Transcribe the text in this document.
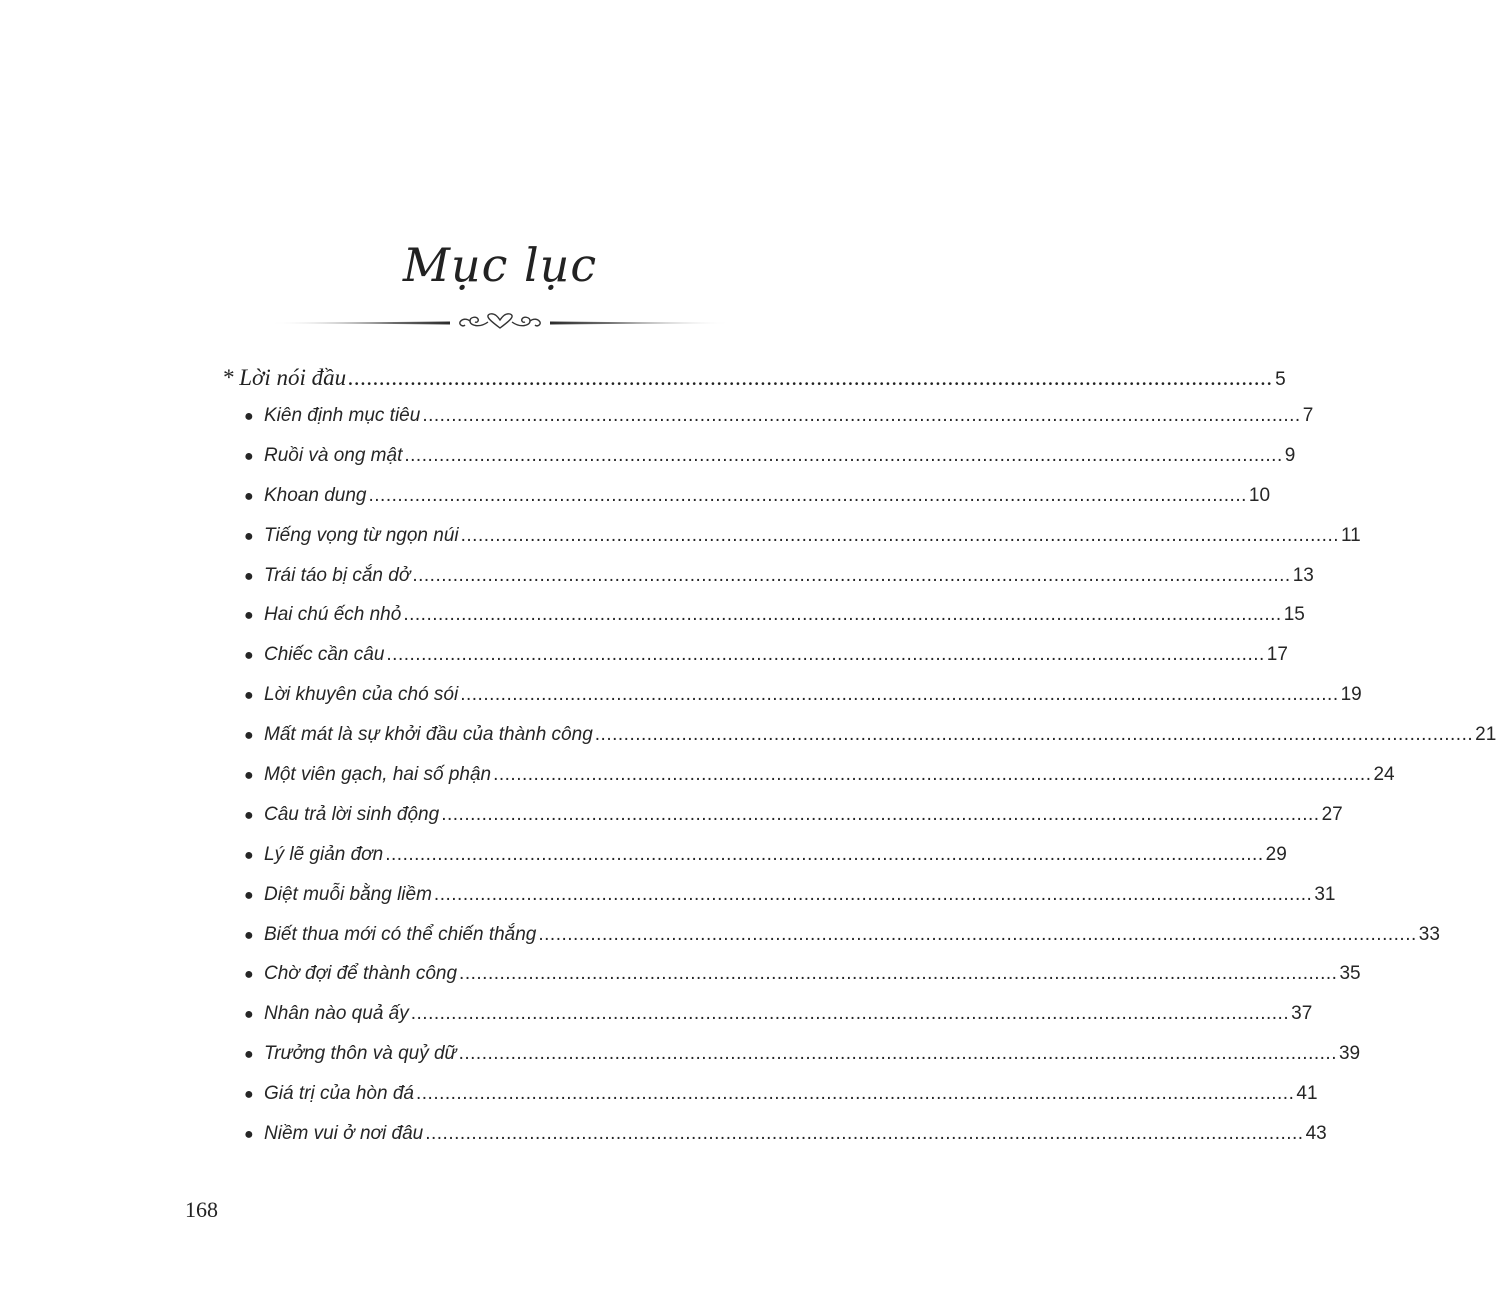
Mục lục
* Lời nói đầu .................................................................................................................................................... 5
● Kiên định mục tiêu ........................................................................................................................................................ 7
● Ruồi và ong mật ........................................................................................................................................................ 9
● Khoan dung ........................................................................................................................................................ 10
● Tiếng vọng từ ngọn núi ........................................................................................................................................................ 11
● Trái táo bị cắn dở ........................................................................................................................................................ 13
● Hai chú ếch nhỏ ........................................................................................................................................................ 15
● Chiếc cần câu ........................................................................................................................................................ 17
● Lời khuyên của chó sói ........................................................................................................................................................ 19
● Mất mát là sự khởi đầu của thành công ........................................................................................................................................................ 21
● Một viên gạch, hai số phận ........................................................................................................................................................ 24
● Câu trả lời sinh động ........................................................................................................................................................ 27
● Lý lẽ giản đơn ........................................................................................................................................................ 29
● Diệt muỗi bằng liềm ........................................................................................................................................................ 31
● Biết thua mới có thể chiến thắng ........................................................................................................................................................ 33
● Chờ đợi để thành công ........................................................................................................................................................ 35
● Nhân nào quả ấy ........................................................................................................................................................ 37
● Trưởng thôn và quỷ dữ ........................................................................................................................................................ 39
● Giá trị của hòn đá ........................................................................................................................................................ 41
● Niềm vui ở nơi đâu ........................................................................................................................................................ 43
168
